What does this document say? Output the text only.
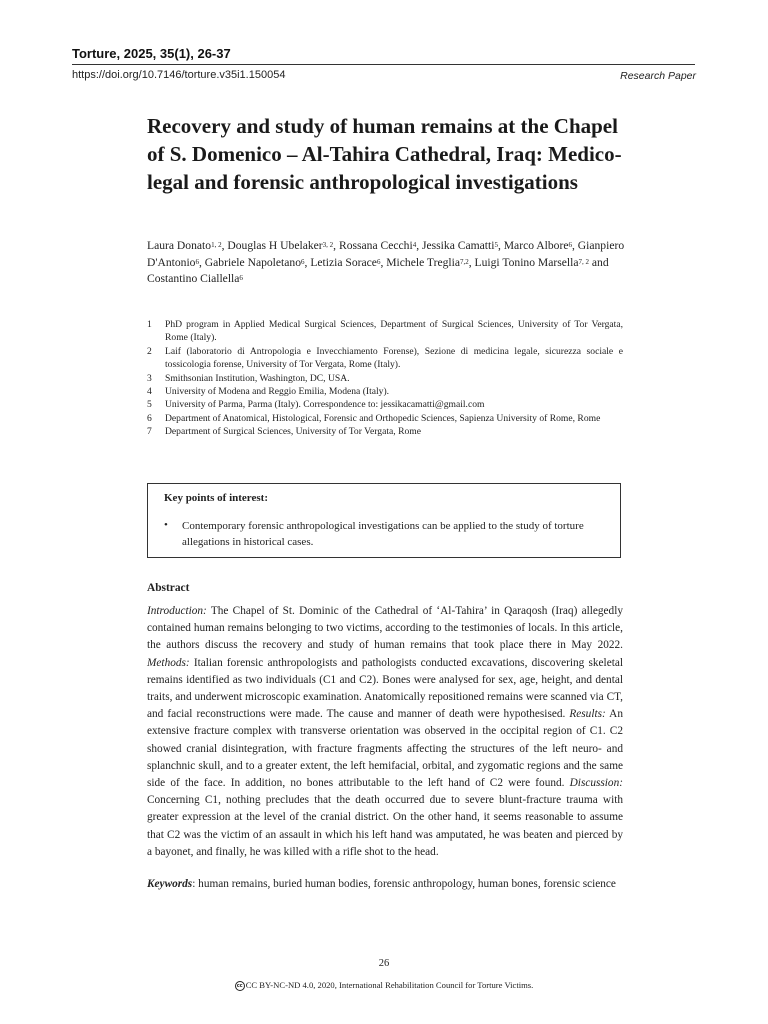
Torture, 2025, 35(1), 26-37
https://doi.org/10.7146/torture.v35i1.150054	Research Paper
Recovery and study of human remains at the Chapel of S. Domenico – Al-Tahira Cathedral, Iraq: Medico-legal and forensic anthropological investigations
Laura Donato$^{1, 2}$, Douglas H Ubelaker$^{3, 2}$, Rossana Cecchi$^4$, Jessika Camatti$^5$, Marco Albore$^6$, Gianpiero D'Antonio$^6$, Gabriele Napoletano$^6$, Letizia Sorace$^6$, Michele Treglia$^{7,2}$, Luigi Tonino Marsella$^{7, 2}$ and Costantino Ciallella$^6$
1	PhD program in Applied Medical Surgical Sciences, Department of Surgical Sciences, University of Tor Vergata, Rome (Italy).
2	Laif (laboratorio di Antropologia e Invecchiamento Forense), Sezione di medicina legale, sicurezza sociale e tossicologia forense, University of Tor Vergata, Rome (Italy).
3	Smithsonian Institution, Washington, DC, USA.
4	University of Modena and Reggio Emilia, Modena (Italy).
5	University of Parma, Parma (Italy). Correspondence to: jessikacamatti@gmail.com
6	Department of Anatomical, Histological, Forensic and Orthopedic Sciences, Sapienza University of Rome, Rome
7	Department of Surgical Sciences, University of Tor Vergata, Rome
Key points of interest:
• Contemporary forensic anthropological investigations can be applied to the study of torture allegations in historical cases.
Abstract

Introduction: The Chapel of St. Dominic of the Cathedral of ‘Al-Tahira’ in Qaraqosh (Iraq) allegedly contained human remains belonging to two victims, according to the testimonies of locals. In this article, the authors discuss the recovery and study of human remains that took place there in May 2022. Methods: Italian forensic anthropologists and pathologists conducted excavations, discovering skeletal remains identified as two individuals (C1 and C2). Bones were analysed for sex, age, height, and dental traits, and underwent microscopic examination. Anatomically repositioned remains were scanned via CT, and facial reconstructions were made. The cause and manner of death were hypothesised. Results: An extensive fracture complex with transverse orientation was observed in the occipital region of C1. C2 showed cranial disintegration, with fracture fragments affecting the structures of the left neuro- and splanchnic skull, and to a greater extent, the left hemifacial, orbital, and zygomatic regions and the same side of the face. In addition, no bones attributable to the left hand of C2 were found. Discussion: Concerning C1, nothing precludes that the death occurred due to severe blunt-fracture trauma with greater expression at the level of the cranial district. On the other hand, it seems reasonable to assume that C2 was the victim of an assault in which his left hand was amputated, he was beaten and pierced by a bayonet, and finally, he was killed with a rifle shot to the head.

Keywords: human remains, buried human bodies, forensic anthropology, human bones, forensic science
26
cc CC BY-NC-ND 4.0, 2020, International Rehabilitation Council for Torture Victims.
